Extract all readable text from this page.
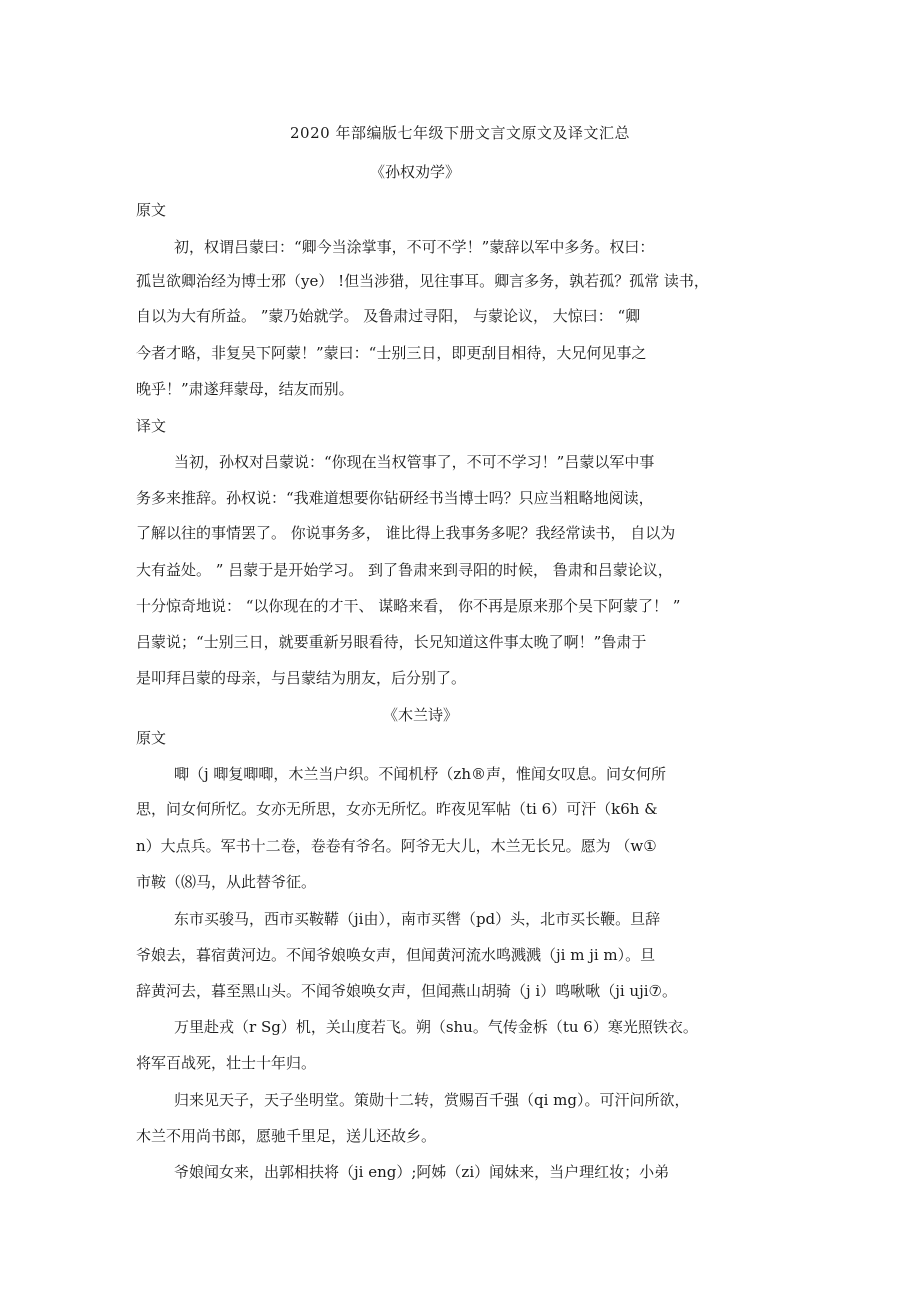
2020 年部编版七年级下册文言文原文及译文汇总
《孙权劝学》
原文
初，权谓吕蒙曰：“卿今当涂掌事，不可不学！”蒙辞以军中多务。权曰：
孤岂欲卿治经为博士邪（ye） !但当涉猎，见往事耳。卿言多务，孰若孤？孤常 读书，
自以为大有所益。 ”蒙乃始就学。 及鲁肃过寻阳， 与蒙论议， 大惊曰： “卿
今者才略，非复吴下阿蒙！”蒙曰：“士别三日，即更刮目相待，大兄何见事之
晚乎！”肃遂拜蒙母，结友而别。
译文
当初，孙权对吕蒙说：“你现在当权管事了，不可不学习！”吕蒙以军中事
务多来推辞。孙权说：“我难道想要你钻研经书当博士吗？只应当粗略地阅读，
了解以往的事情罢了。 你说事务多， 谁比得上我事务多呢？我经常读书， 自以为
大有益处。 ” 吕蒙于是开始学习。 到了鲁肃来到寻阳的时候， 鲁肃和吕蒙论议，
十分惊奇地说： “以你现在的才干、 谋略来看， 你不再是原来那个吴下阿蒙了！ ”
吕蒙说；“士别三日，就要重新另眼看待，长兄知道这件事太晚了啊！”鲁肃于
是叩拜吕蒙的母亲，与吕蒙结为朋友，后分别了。
《木兰诗》
原文
唧（j 唧复唧唧，木兰当户织。不闻机杼（zh®声，惟闻女叹息。问女何所
思，问女何所忆。女亦无所思，女亦无所忆。昨夜见军帖（ti 6）可汗（k6h &
n）大点兵。军书十二卷，卷卷有爷名。阿爷无大儿，木兰无长兄。愿为 （w①
市鞍（⑻马，从此替爷征。
东市买骏马，西市买鞍鞯（ji由），南市买辔（pd）头，北市买长鞭。旦辞
爷娘去，暮宿黄河边。不闻爷娘唤女声，但闻黄河流水鸣溅溅（ji m ji m）。旦
辞黄河去，暮至黑山头。不闻爷娘唤女声，但闻燕山胡骑（j i）鸣啾啾（ji uji⑦。
万里赴戎（r Sg）机，关山度若飞。朔（shu。气传金柝（tu 6）寒光照铁衣。
将军百战死，壮士十年归。
归来见天子，天子坐明堂。策勋十二转，赏赐百千强（qi mg）。可汗问所欲，
木兰不用尚书郎，愿驰千里足，送儿还故乡。
爷娘闻女来，出郭相扶将（ji eng）;阿姊（zi）闻妹来，当户理红妆；小弟
